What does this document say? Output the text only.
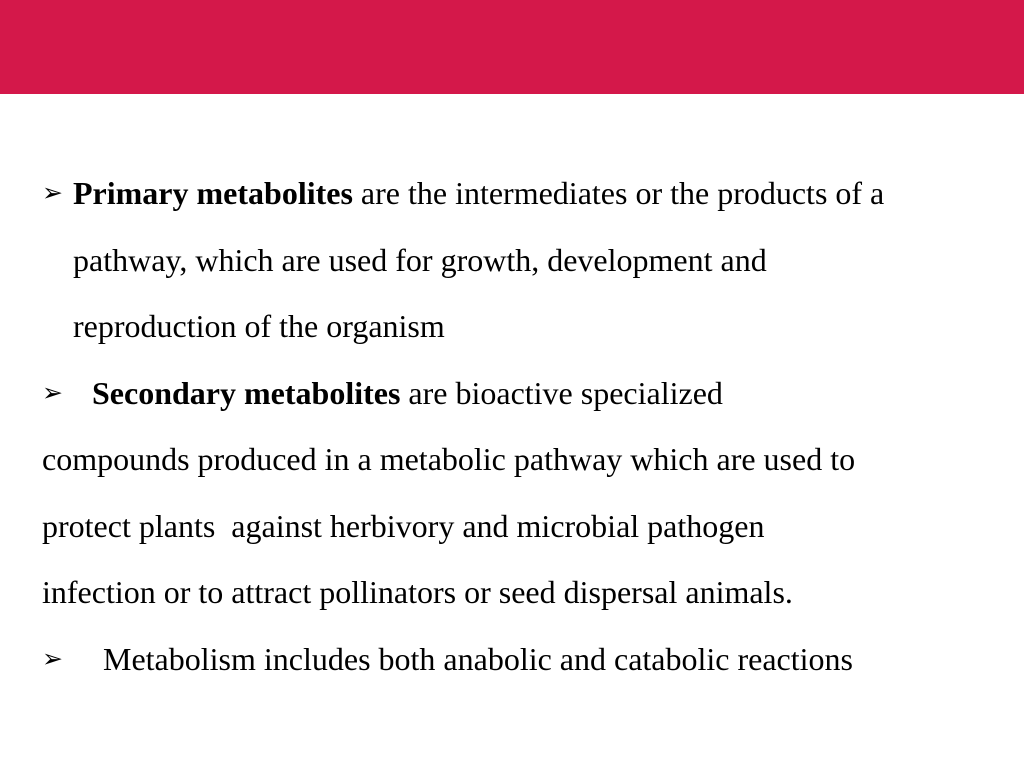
➢ Primary metabolites are the intermediates or the products of a
pathway, which are used for growth, development and
reproduction of the organism
➢ Secondary metabolites are bioactive specialized
compounds produced in a metabolic pathway which are used to
protect plants  against herbivory and microbial pathogen
infection or to attract pollinators or seed dispersal animals.
➢ Metabolism includes both anabolic and catabolic reactions
